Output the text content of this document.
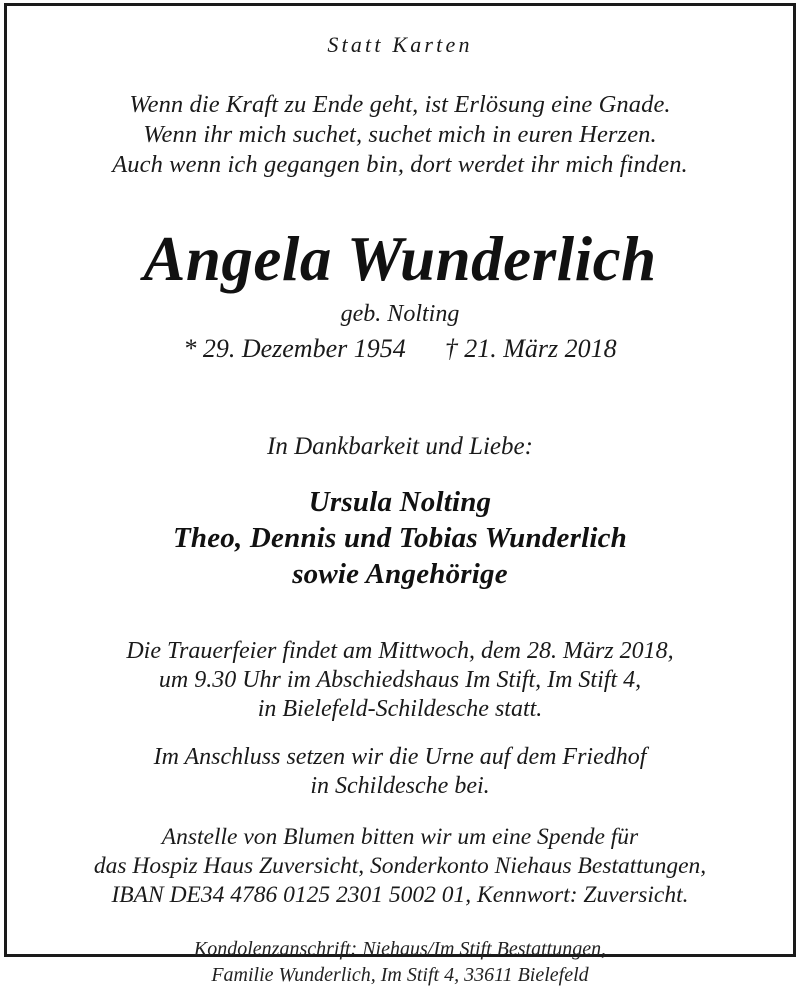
Statt Karten
Wenn die Kraft zu Ende geht, ist Erlösung eine Gnade.
Wenn ihr mich suchet, suchet mich in euren Herzen.
Auch wenn ich gegangen bin, dort werdet ihr mich finden.
Angela Wunderlich
geb. Nolting
* 29. Dezember 1954 † 21. März 2018
In Dankbarkeit und Liebe:
Ursula Nolting
Theo, Dennis und Tobias Wunderlich
sowie Angehörige
Die Trauerfeier findet am Mittwoch, dem 28. März 2018,
um 9.30 Uhr im Abschiedshaus Im Stift, Im Stift 4,
in Bielefeld-Schildesche statt.
Im Anschluss setzen wir die Urne auf dem Friedhof
in Schildesche bei.
Anstelle von Blumen bitten wir um eine Spende für
das Hospiz Haus Zuversicht, Sonderkonto Niehaus Bestattungen,
IBAN DE34 4786 0125 2301 5002 01, Kennwort: Zuversicht.
Kondolenzanschrift: Niehaus/Im Stift Bestattungen,
Familie Wunderlich, Im Stift 4, 33611 Bielefeld
